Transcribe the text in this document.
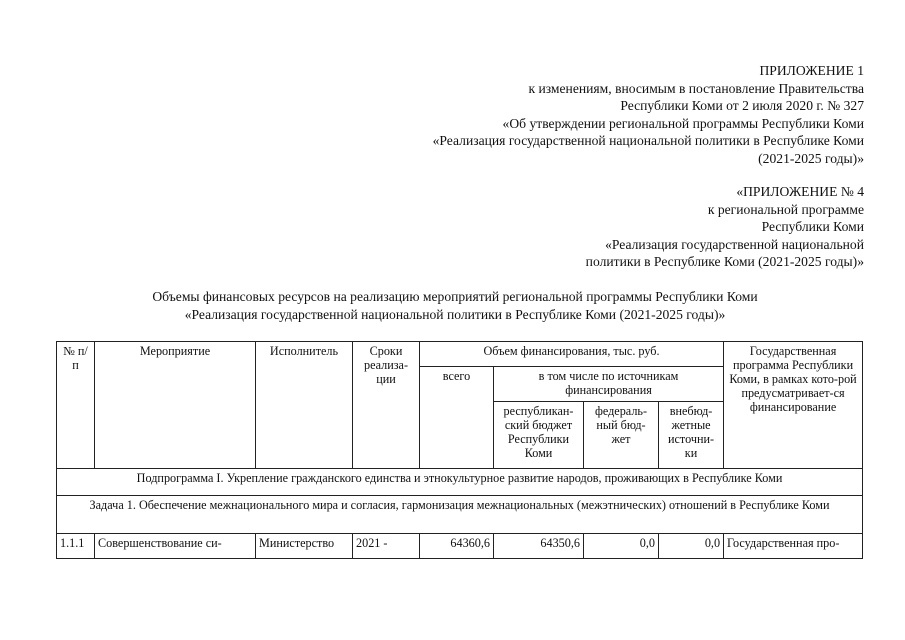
ПРИЛОЖЕНИЕ 1
к изменениям, вносимым в постановление Правительства
Республики Коми от 2 июля 2020 г. № 327
«Об утверждении региональной программы Республики Коми
«Реализация государственной национальной политики в Республике Коми
(2021-2025 годы)»
«ПРИЛОЖЕНИЕ № 4
к региональной программе
Республики Коми
«Реализация государственной национальной
политики в Республике Коми (2021-2025 годы)»
Объемы финансовых ресурсов на реализацию мероприятий региональной программы Республики Коми
«Реализация государственной национальной политики в Республике Коми (2021-2025 годы)»
№ п/п	Мероприятие	Исполнитель	Сроки реализа-ции	Объем финансирования, тыс. руб.				Государственная программа Республики Коми, в рамках кото-рой предусматривает-ся финансирование
				всего	в том числе по источникам финансирования			
					республикан-ский бюджет Республики Коми	федераль-ный бюд-жет	внебюд-жетные источни-ки	
Подпрограмма I. Укрепление гражданского единства и этнокультурное развитие народов, проживающих в Республике Коми								
Задача 1. Обеспечение межнационального мира и согласия, гармонизация межнациональных (межэтнических) отношений в Республике Коми								
1.1.1	Совершенствование си-	Министерство	2021 -	64360,6	64350,6	0,0	0,0	Государственная про-
